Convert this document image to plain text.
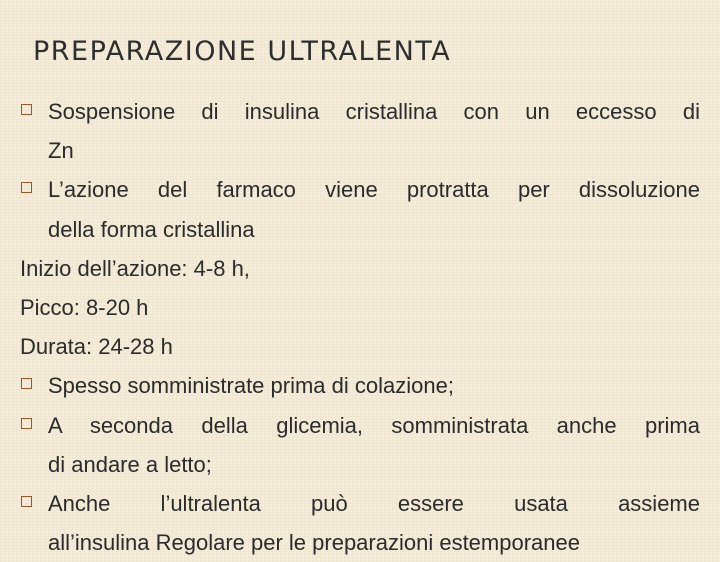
PREPARAZIONE ULTRALENTA
Sospensione di insulina cristallina con un eccesso di
Zn
L’azione del farmaco viene protratta per dissoluzione
della forma cristallina
Inizio dell’azione: 4-8 h,
Picco: 8-20 h
Durata: 24-28 h
Spesso somministrate prima di colazione;
A seconda della glicemia, somministrata anche prima
di andare a letto;
Anche l’ultralenta può essere usata assieme
all’insulina Regolare per le preparazioni estemporanee
